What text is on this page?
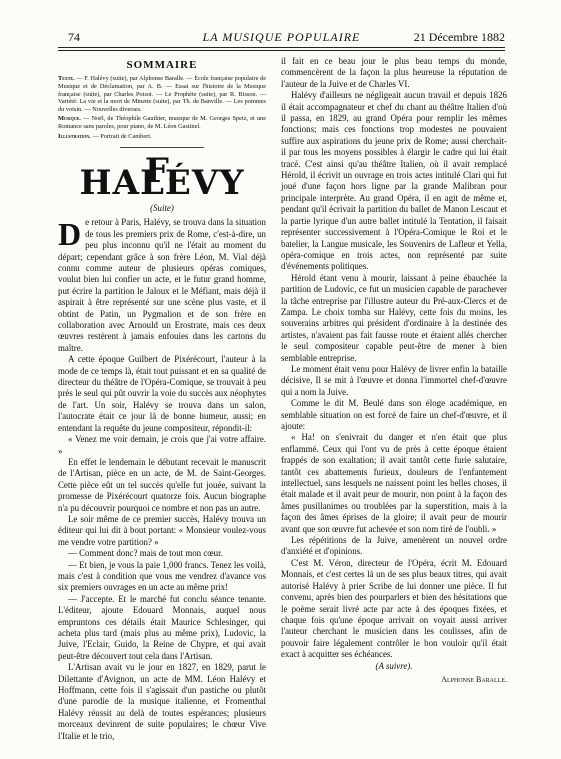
74	LA MUSIQUE POPULAIRE	21 Décembre 1882
SOMMAIRE
Texte. — F. Halévy (suite), par Alphonse Baralle. — École française populaire de Musique et de Déclamation, par A. B. — Essai sur l'histoire de la Musique française (suite), par Charles Poisot. — Le Prophète (suite), par R. Bisson. — Variété: La vie et la mort de Minette (suite), par Th. de Banville. — Les pommes du voisin. — Nouvelles diverses.
Musique. — Noël, de Théophile Gauthier, musique de M. Georges Spetz, et une Romance sans paroles, pour piano, de M. Léon Gastinel.
Illustration. — Portrait de Cambert.
F. HALÉVY
(Suite)

De retour à Paris, Halévy, se trouva dans la situation de tous les premiers prix de Rome, c'est-à-dire, un peu plus inconnu qu'il ne l'était au moment du départ; cependant grâce à son frère Léon, M. Vial déjà connu comme auteur de plusieurs opéras comiques, voulut bien lui confier un acte, et le futur grand homme, put écrire la partition le Jaloux et le Méfiant, mais déjà il aspirait à être représenté sur une scène plus vaste, et il obtint de Patin, un Pygmalion et de son frère en collaboration avec Arnould un Erostrate, mais ces deux œuvres restèrent à jamais enfouies dans les cartons du maître.

A cette époque Guilbert de Pixérécourt, l'auteur à la mode de ce temps là, était tout puissant et en sa qualité de directeur du théâtre de l'Opéra-Comique, se trouvait à peu près le seul qui pût ouvrir la voie du succès aux néophytes de l'art. Un soir, Halévy se trouva dans un salon, l'autocrate était ce jour là de bonne humeur, aussi; en entendant la requête du jeune compositeur, répondit-il:

« Venez me voir demain, je crois que j'ai votre affaire. »

En effet le lendemain le débutant recevait le manuscrit de l'Artisan, pièce en un acte, de M. de Saint-Georges. Cette pièce eût un tel succès qu'elle fut jouée, suivant la promesse de Pixérécourt quatorze fois. Aucun biographe n'a pu découvrir pourquoi ce nombre et non pas un autre.

Le soir même de ce premier succès, Halévy trouva un éditeur qui lui dit à bout portant: « Monsieur voulez-vous me vendre votre partition? »

— Comment donc? mais de tout mon cœur.

— Et bien, je vous la paie 1,000 francs. Tenez les voilà, mais c'est à condition que vous me vendrez d'avance vos six premiers ouvrages en un acte au même prix!

— J'accepte. Et le marché fut conclu séance tenante. L'éditeur, ajoute Edouard Monnais, auquel nous empruntons ces détails était Maurice Schlesinger, qui acheta plus tard (mais plus au même prix), Ludovic, la Juive, l'Eclair, Guido, la Reine de Chypre, et qui avait peut-être découvert tout cela dans l'Artisan.

L'Artisan avait vu le jour en 1827, en 1829, parut le Dilettante d'Avignon, un acte de MM. Léon Halévy et Hoffmann, cette fois il s'agissait d'un pastiche ou plutôt d'une parodie de la musique italienne, et Fromenthal Halévy réussit au delà de toutes espérances; plusieurs morceaux devinrent de suite populaires; le chœur Vive l'Italie et le trio,

il fait en ce beau jour le plus beau temps du monde, commencèrent de la façon la plus heureuse la réputation de l'auteur de la Juive et de Charles VI.

Halévy d'ailleurs ne négligeait aucun travail et depuis 1826 il était accompagnateur et chef du chant au théâtre Italien d'où il passa, en 1829, au grand Opéra pour remplir les mêmes fonctions; mais ces fonctions trop modestes ne pouvaient suffire aux aspirations du jeune prix de Rome; aussi cherchait-il par tous les moyens possibles à élargir le cadre qui lui était tracé. C'est ainsi qu'au théâtre Italien, où il avait remplacé Hérold, il écrivit un ouvrage en trois actes intitulé Clari qui fut joué d'une façon hors ligne par la grande Malibran pour principale interprète. Au grand Opéra, il en agit de même et, pendant qu'il écrivait la partition du ballet de Manon Lescaut et la partie lyrique d'un autre ballet intitulé la Tentation, il faisait représenter successivement à l'Opéra-Comique le Roi et le batelier, la Langue musicale, les Souvenirs de Lafleur et Yella, opéra-comique en trois actes, non représenté par suite d'événements politiques.

Hérold étant venu à mourir, laissant à peine ébauchée la partition de Ludovic, ce fut un musicien capable de parachever la tâche entreprise par l'illustre auteur du Pré-aux-Clercs et de Zampa. Le choix tomba sur Halévy, cette fois du moins, les souverains arbitres qui président d'ordinaire à la destinée des artistes, n'avaient pas fait fausse route et étaient allés chercher le seul compositeur capable peut-être de mener à bien semblable entreprise.

Le moment était venu pour Halévy de livrer enfin la bataille décisive, Il se mit à l'œuvre et donna l'immortel chef-d'œuvre qui a nom la Juive.

Comme le dit M. Beulé dans son éloge académique, en semblable situation on est forcé de faire un chef-d'œuvre, et il ajoute:

« Ha! on s'enivrait du danger et n'en était que plus enflammé. Ceux qui l'ont vu de près à cette époque étaient frappés de son exaltation; il avait tantôt cette furie salutaire, tantôt ces abattements furieux, douleurs de l'enfantement intellectuel, sans lesquels ne naissent point les belles choses, il était malade et il avait peur de mourir, non point à la façon des âmes pusillanimes ou troublées par la superstition, mais à la façon des âmes éprises de la gloire; il avait peur de mourir avant que son œuvre fut achevée et son nom tiré de l'oubli. »

Les répétitions de la Juive, amenèrent un nouvel ordre d'anxiété et d'opinions.

C'est M. Véron, directeur de l'Opéra, écrit M. Edouard Monnais, et c'est certes là un de ses plus beaux titres, qui avait autorisé Halévy à prier Scribe de lui donner une pièce. Il fut convenu, après bien des pourparlers et bien des hésitations que le poème serait livré acte par acte à des époques fixées, et chaque fois qu'une époque arrivait on voyait aussi arriver l'auteur cherchant le musicien dans les coulisses, afin de pouvoir faire légalement contrôler le bon vouloir qu'il était exact à acquitter ses échéances.

(A suivre).
Alphonse Baralle.
